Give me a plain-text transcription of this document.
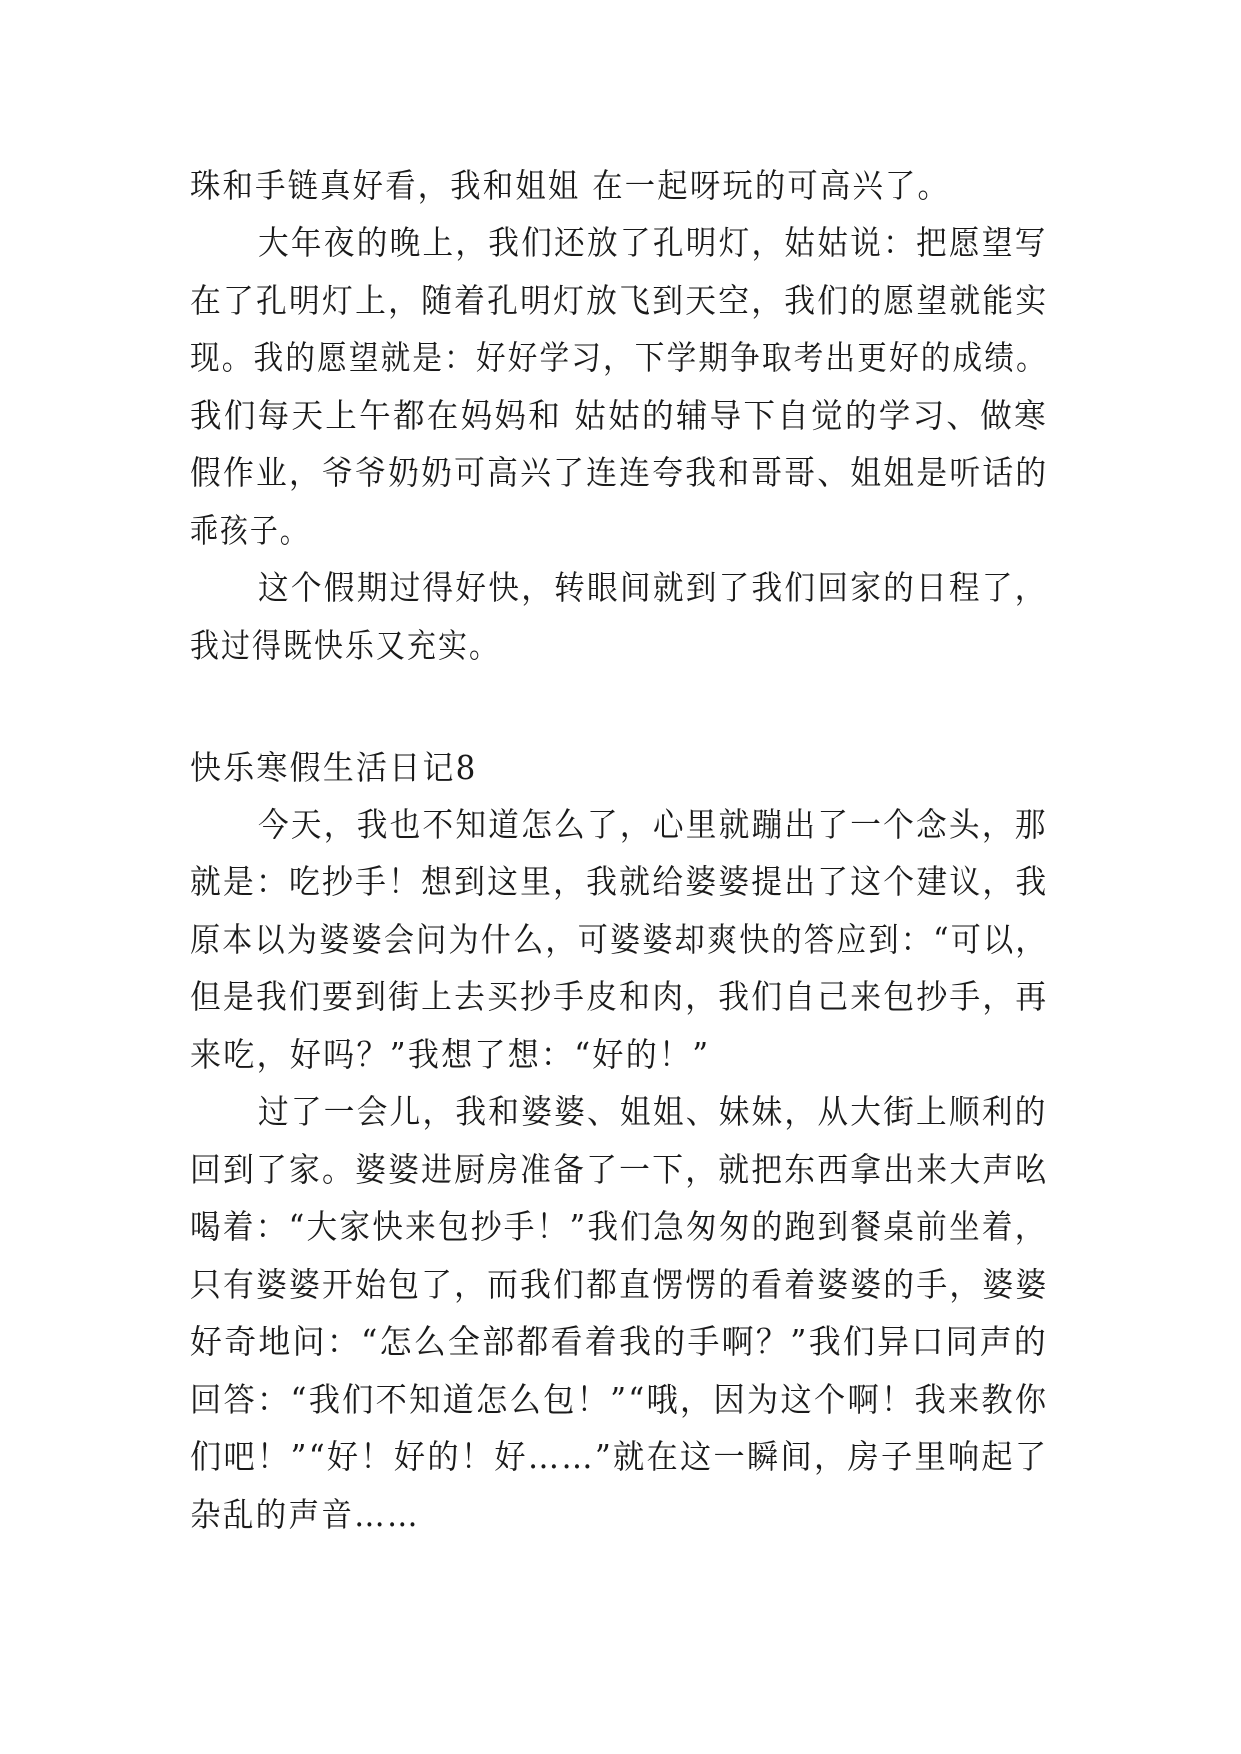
珠和手链真好看，我和姐姐 在一起呀玩的可高兴了。
大年夜的晚上，我们还放了孔明灯，姑姑说：把愿望写
在了孔明灯上，随着孔明灯放飞到天空，我们的愿望就能实
现。我的愿望就是：好好学习，下学期争取考出更好的成绩。
我们每天上午都在妈妈和 姑姑的辅导下自觉的学习、做寒
假作业，爷爷奶奶可高兴了连连夸我和哥哥、姐姐是听话的
乖孩子。
这个假期过得好快，转眼间就到了我们回家的日程了，
我过得既快乐又充实。
快乐寒假生活日记8
今天，我也不知道怎么了，心里就蹦出了一个念头，那
就是：吃抄手！想到这里，我就给婆婆提出了这个建议，我
原本以为婆婆会问为什么，可婆婆却爽快的答应到：“可以，
但是我们要到街上去买抄手皮和肉，我们自己来包抄手，再
来吃，好吗？”我想了想：“好的！”
过了一会儿，我和婆婆、姐姐、妹妹，从大街上顺利的
回到了家。婆婆进厨房准备了一下，就把东西拿出来大声吆
喝着：“大家快来包抄手！”我们急匆匆的跑到餐桌前坐着，
只有婆婆开始包了，而我们都直愣愣的看着婆婆的手，婆婆
好奇地问：“怎么全部都看着我的手啊？”我们异口同声的
回答：“我们不知道怎么包！”“哦，因为这个啊！我来教你
们吧！”“好！好的！好……”就在这一瞬间，房子里响起了
杂乱的声音……
